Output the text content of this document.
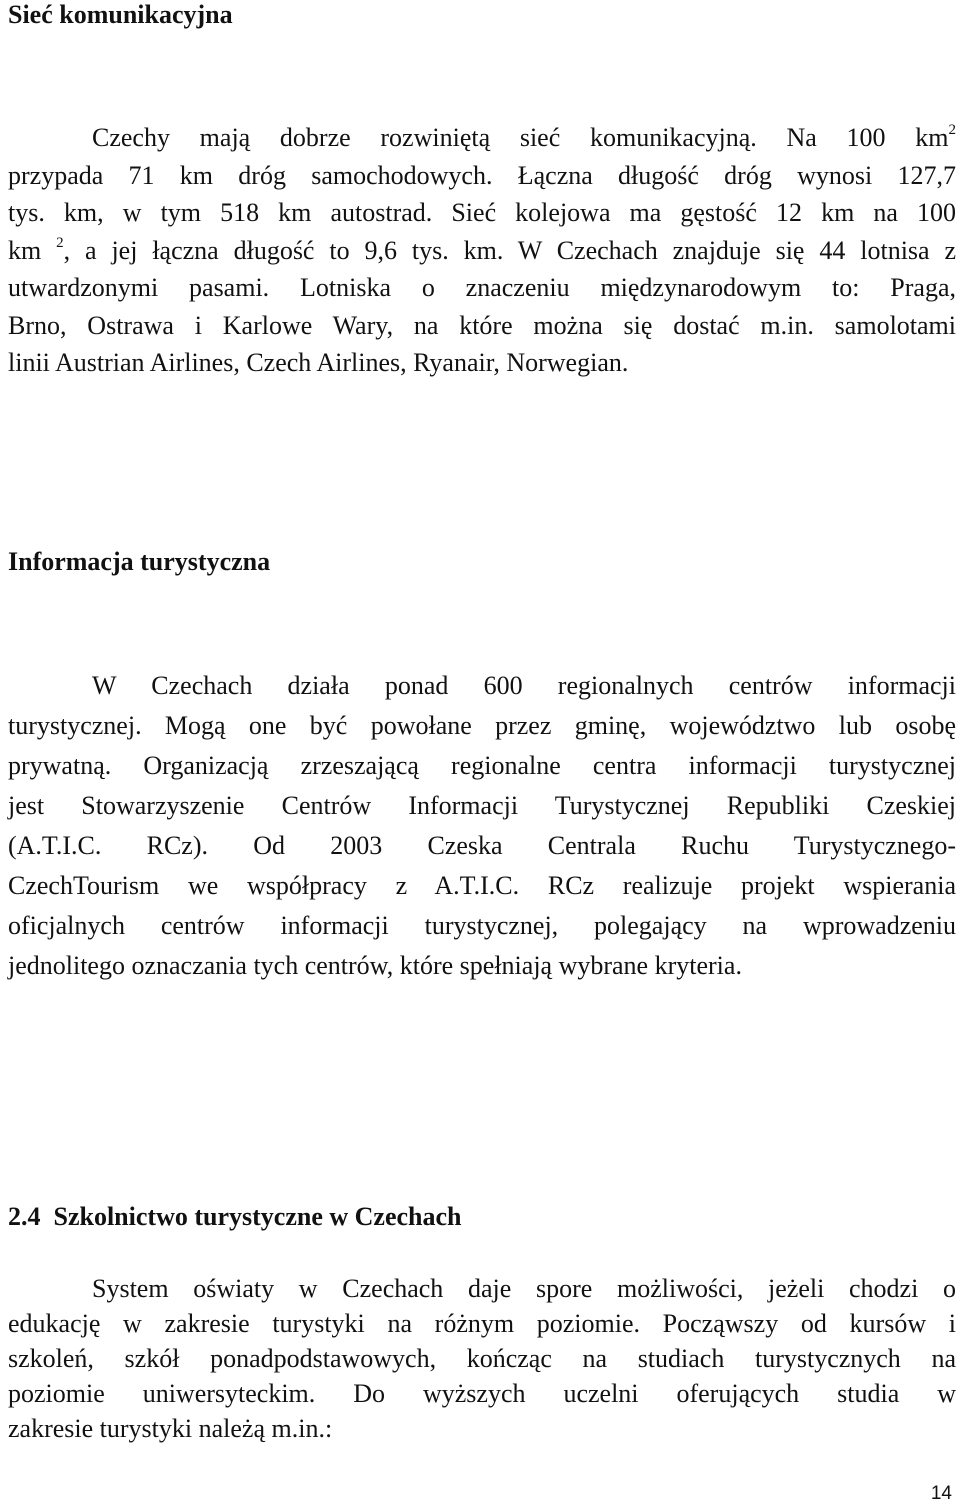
Sieć komunikacyjna
Czechy mają dobrze rozwiniętą sieć komunikacyjną. Na 100 $km^2$
przypada 71 km dróg samochodowych. Łączna długość dróg wynosi 127,7
tys. km, w tym 518 km autostrad. Sieć kolejowa ma gęstość 12 km na 100
km $^2$, a jej łączna długość to 9,6 tys. km. W Czechach znajduje się 44 lotnisa z
utwardzonymi pasami. Lotniska o znaczeniu międzynarodowym to: Praga,
Brno, Ostrawa i Karlowe Wary, na które można się dostać m.in. samolotami
linii Austrian Airlines, Czech Airlines, Ryanair, Norwegian.
Informacja turystyczna
W Czechach działa ponad 600 regionalnych centrów informacji
turystycznej. Mogą one być powołane przez gminę, województwo lub osobę
prywatną. Organizacją zrzeszającą regionalne centra informacji turystycznej
jest Stowarzyszenie Centrów Informacji Turystycznej Republiki Czeskiej
(A.T.I.C. RCz). Od 2003 Czeska Centrala Ruchu Turystycznego-
CzechTourism we współpracy z A.T.I.C. RCz realizuje projekt wspierania
oficjalnych centrów informacji turystycznej, polegający na wprowadzeniu
jednolitego oznaczania tych centrów, które spełniają wybrane kryteria.
2.4 Szkolnictwo turystyczne w Czechach
System oświaty w Czechach daje spore możliwości, jeżeli chodzi o
edukację w zakresie turystyki na różnym poziomie. Począwszy od kursów i
szkoleń, szkół ponadpodstawowych, kończąc na studiach turystycznych na
poziomie uniwersyteckim. Do wyższych uczelni oferujących studia w
zakresie turystyki należą m.in.:
14
